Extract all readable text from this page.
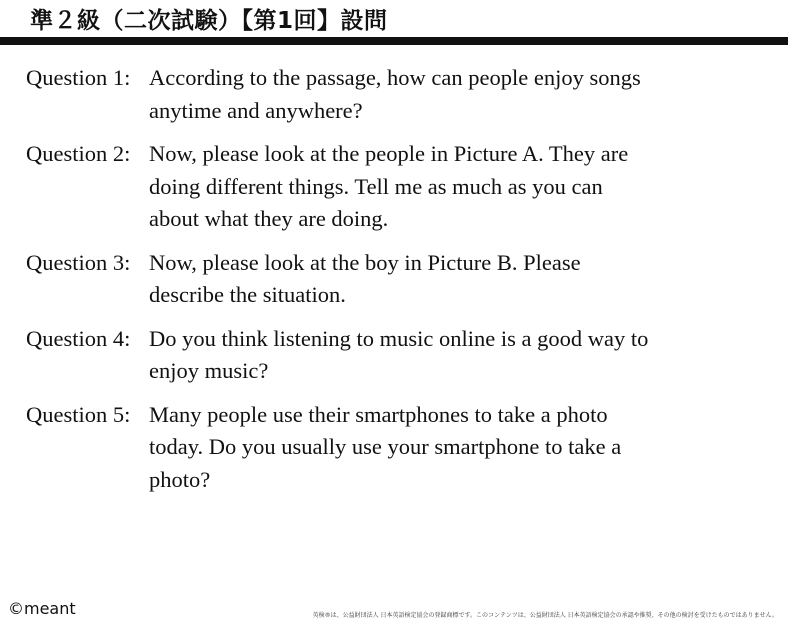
準２級（二次試験）【第1回】設問
Question 1: According to the passage, how can people enjoy songs
anytime and anywhere?
Question 2: Now, please look at the people in Picture A. They are
doing different things. Tell me as much as you can
about what they are doing.
Question 3: Now, please look at the boy in Picture B. Please
describe the situation.
Question 4: Do you think listening to music online is a good way to
enjoy music?
Question 5: Many people use their smartphones to take a photo
today. Do you usually use your smartphone to take a
photo?
©meant	英検®は、公益財団法人 日本英語検定協会の登録商標です。このコンテンツは、公益財団法人 日本英語検定協会の承認や推奨、その他の検討を受けたものではありません。
